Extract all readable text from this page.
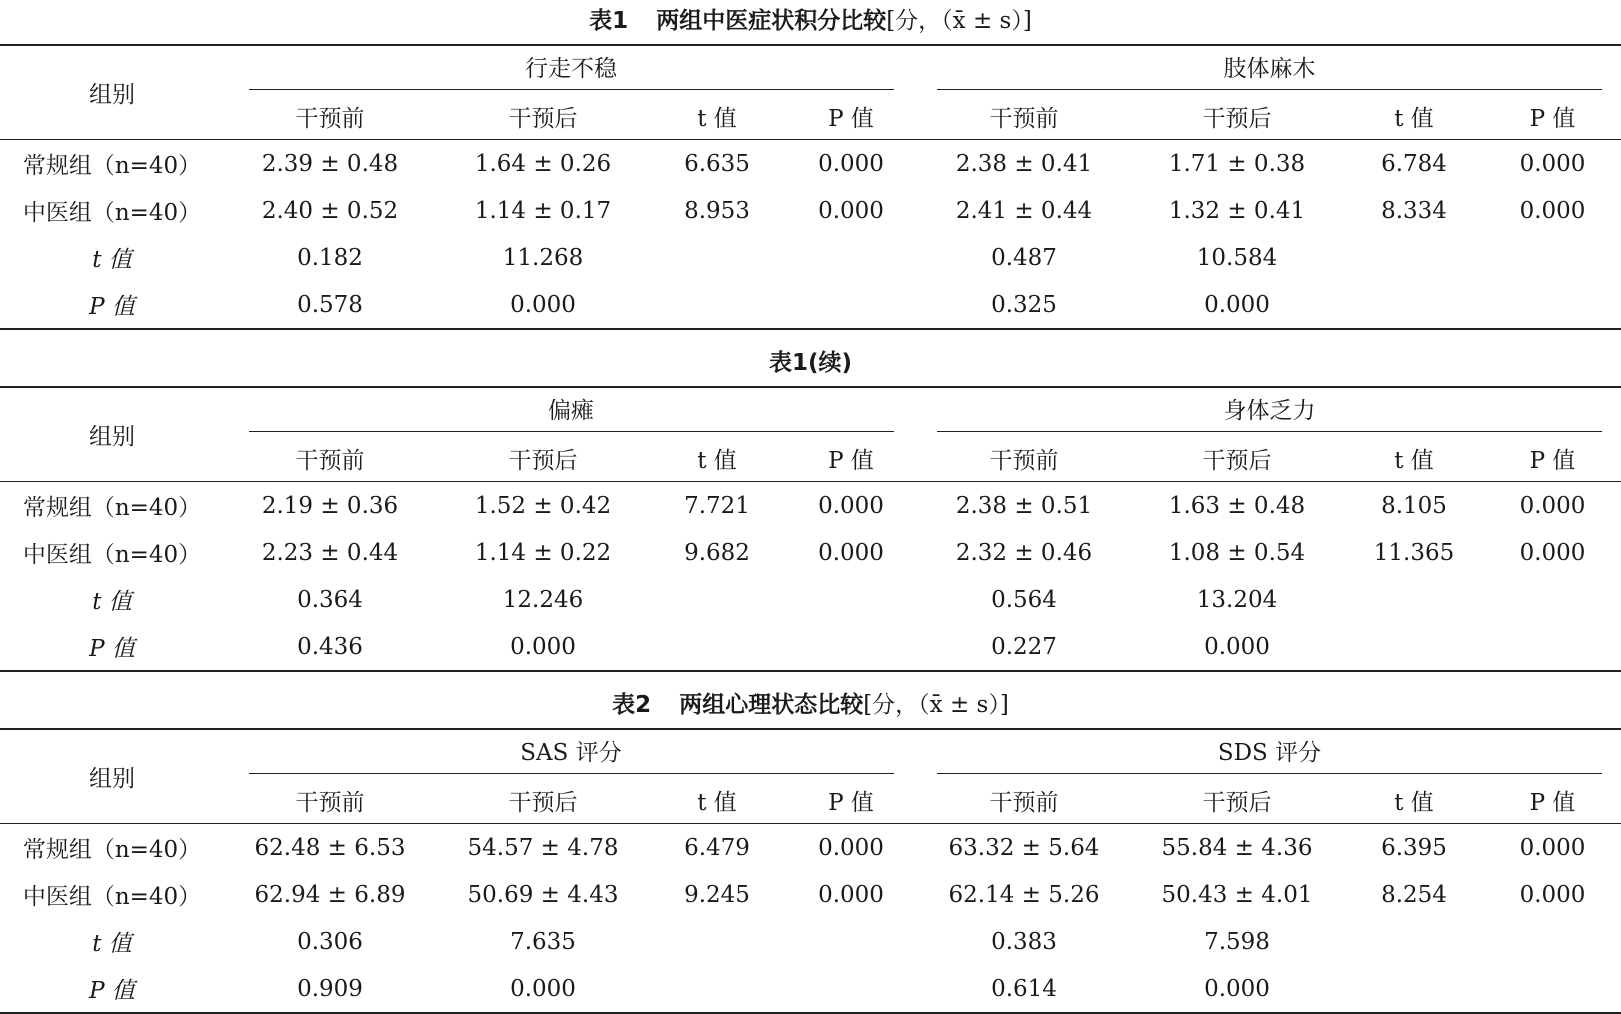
表1 两组中医症状积分比较[分，（x̄ ± s）]
组别	行走不稳				肢体麻木			

	干预前	干预后	t 值	P 值	干预前	干预后	t 值	P 值
常规组（n=40）	2.39 ± 0.48	1.64 ± 0.26	6.635	0.000	2.38 ± 0.41	1.71 ± 0.38	6.784	0.000
中医组（n=40）	2.40 ± 0.52	1.14 ± 0.17	8.953	0.000	2.41 ± 0.44	1.32 ± 0.41	8.334	0.000
t 值	0.182	11.268			0.487	10.584		
P 值	0.578	0.000			0.325	0.000		
表1(续)
组别	偏瘫				身体乏力			

	干预前	干预后	t 值	P 值	干预前	干预后	t 值	P 值
常规组（n=40）	2.19 ± 0.36	1.52 ± 0.42	7.721	0.000	2.38 ± 0.51	1.63 ± 0.48	8.105	0.000
中医组（n=40）	2.23 ± 0.44	1.14 ± 0.22	9.682	0.000	2.32 ± 0.46	1.08 ± 0.54	11.365	0.000
t 值	0.364	12.246			0.564	13.204		
P 值	0.436	0.000			0.227	0.000		
表2 两组心理状态比较[分，（x̄ ± s）]
组别	SAS 评分				SDS 评分			

	干预前	干预后	t 值	P 值	干预前	干预后	t 值	P 值
常规组（n=40）	62.48 ± 6.53	54.57 ± 4.78	6.479	0.000	63.32 ± 5.64	55.84 ± 4.36	6.395	0.000
中医组（n=40）	62.94 ± 6.89	50.69 ± 4.43	9.245	0.000	62.14 ± 5.26	50.43 ± 4.01	8.254	0.000
t 值	0.306	7.635			0.383	7.598		
P 值	0.909	0.000			0.614	0.000		
